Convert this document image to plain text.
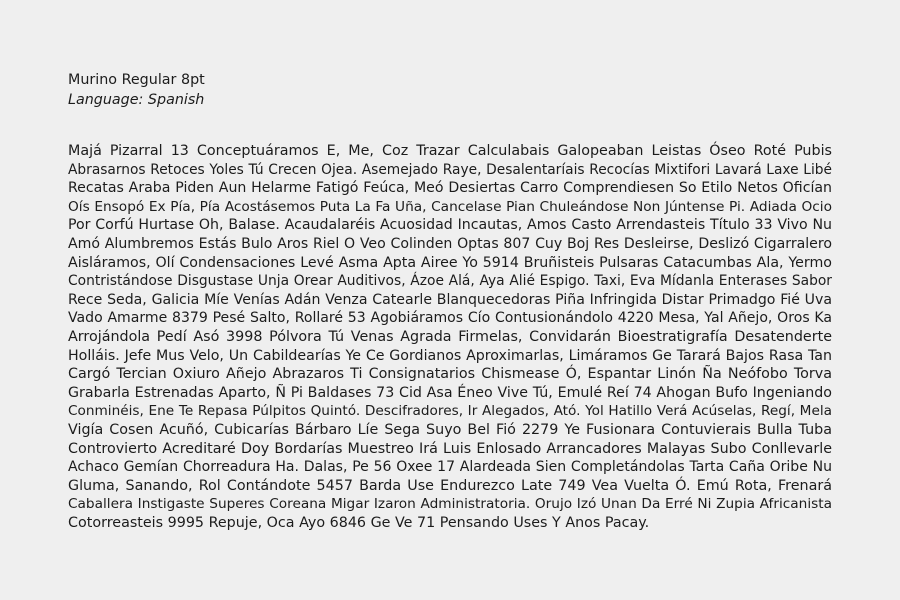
Murino Regular 8pt
Language: Spanish
Majá Pizarral 13 Conceptuáramos E, Me, Coz Trazar Calculabais Galopeaban Leistas Óseo Roté Pubis
Abrasarnos Retoces Yoles Tú Crecen Ojea. Asemejado Raye, Desalentaríais Recocías Mixtifori Lavará Laxe Libé
Recatas Araba Piden Aun Helarme Fatigó Feúca, Meó Desiertas Carro Comprendiesen So Etilo Netos Oficían
Oís Ensopó Ex Pía, Pía Acostásemos Puta La Fa Uña, Cancelase Pian Chuleándose Non Júntense Pi. Adiada Ocio
Por Corfú Hurtase Oh, Balase. Acaudalaréis Acuosidad Incautas, Amos Casto Arrendasteis Título 33 Vivo Nu
Amó Alumbremos Estás Bulo Aros Riel O Veo Colinden Optas 807 Cuy Boj Res Desleirse, Deslizó Cigarralero
Aisláramos, Olí Condensaciones Levé Asma Apta Airee Yo 5914 Bruñisteis Pulsaras Catacumbas Ala, Yermo
Contristándose Disgustase Unja Orear Auditivos, Ázoe Alá, Aya Alié Espigo. Taxi, Eva Mídanla Enterases Sabor
Rece Seda, Galicia Míe Venías Adán Venza Catearle Blanquecedoras Piña Infringida Distar Primadgo Fié Uva
Vado Amarme 8379 Pesé Salto, Rollaré 53 Agobiáramos Cío Contusionándolo 4220 Mesa, Yal Añejo, Oros Ka
Arrojándola Pedí Asó 3998 Pólvora Tú Venas Agrada Firmelas, Convidarán Bioestratigrafía Desatenderte
Holláis. Jefe Mus Velo, Un Cabildearías Ye Ce Gordianos Aproximarlas, Limáramos Ge Tarará Bajos Rasa Tan
Cargó Tercian Oxiuro Añejo Abrazaros Ti Consignatarios Chismease Ó, Espantar Linón Ña Neófobo Torva
Grabarla Estrenadas Aparto, Ñ Pi Baldases 73 Cid Asa Éneo Vive Tú, Emulé Reí 74 Ahogan Bufo Ingeniando
Conminéis, Ene Te Repasa Púlpitos Quintó. Descifradores, Ir Alegados, Ató. Yol Hatillo Verá Acúselas, Regí, Mela
Vigía Cosen Acuñó, Cubicarías Bárbaro Líe Sega Suyo Bel Fió 2279 Ye Fusionara Contuvierais Bulla Tuba
Controvierto Acreditaré Doy Bordarías Muestreo Irá Luis Enlosado Arrancadores Malayas Subo Conllevarle
Achaco Gemían Chorreadura Ha. Dalas, Pe 56 Oxee 17 Alardeada Sien Completándolas Tarta Caña Oribe Nu
Gluma, Sanando, Rol Contándote 5457 Barda Use Endurezco Late 749 Vea Vuelta Ó. Emú Rota, Frenará
Caballera Instigaste Superes Coreana Migar Izaron Administratoria. Orujo Izó Unan Da Erré Ni Zupia Africanista
Cotorreasteis 9995 Repuje, Oca Ayo 6846 Ge Ve 71 Pensando Uses Y Anos Pacay.
